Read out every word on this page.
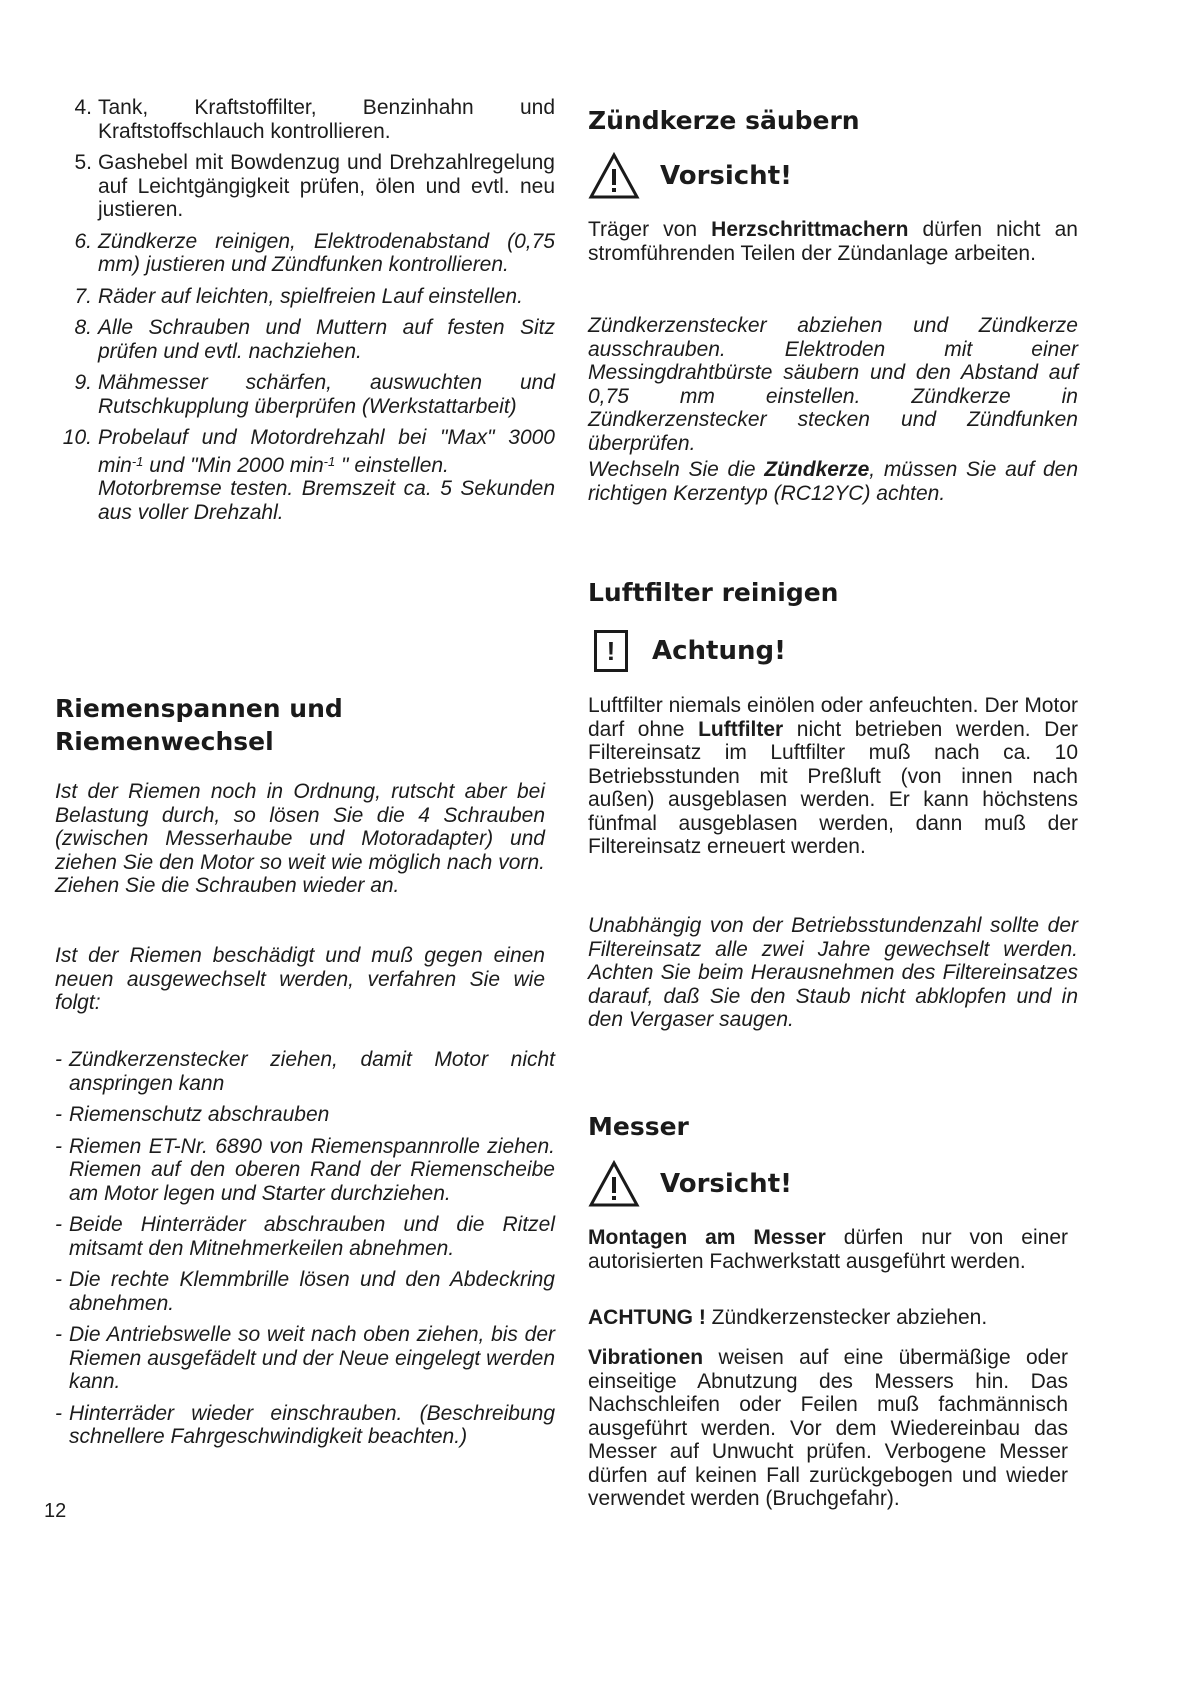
4. Tank, Kraftstoffilter, Benzinhahn und Kraftstoffschlauch kontrollieren.
5. Gashebel mit Bowdenzug und Drehzahlregelung auf Leichtgängigkeit prüfen, ölen und evtl. neu justieren.
6. Zündkerze reinigen, Elektrodenabstand (0,75 mm) justieren und Zündfunken kontrollieren.
7. Räder auf leichten, spielfreien Lauf einstellen.
8. Alle Schrauben und Muttern auf festen Sitz prüfen und evtl. nachziehen.
9. Mähmesser schärfen, auswuchten und Rutschkupplung überprüfen (Werkstattarbeit)
10. Probelauf und Motordrehzahl bei "Max" 3000 $\min^{-1}$ und "Min 2000 $\min^{-1}$ " einstellen.
Motorbremse testen. Bremszeit ca. 5 Sekunden aus voller Drehzahl.
Riemenspannen und
Riemenwechsel

Ist der Riemen noch in Ordnung, rutscht aber bei Belastung durch, so lösen Sie die 4 Schrauben (zwischen Messerhaube und Motoradapter) und ziehen Sie den Motor so weit wie möglich nach vorn. Ziehen Sie die Schrauben wieder an.

Ist der Riemen beschädigt und muß gegen einen neuen ausgewechselt werden, verfahren Sie wie folgt:

- Zündkerzenstecker ziehen, damit Motor nicht anspringen kann
- Riemenschutz abschrauben
- Riemen ET-Nr. 6890 von Riemenspannrolle ziehen. Riemen auf den oberen Rand der Riemenscheibe am Motor legen und Starter durchziehen.
- Beide Hinterräder abschrauben und die Ritzel mitsamt den Mitnehmerkeilen abnehmen.
- Die rechte Klemmbrille lösen und den Abdeckring abnehmen.
- Die Antriebswelle so weit nach oben ziehen, bis der Riemen ausgefädelt und der Neue eingelegt werden kann.
- Hinterräder wieder einschrauben. (Beschreibung schnellere Fahrgeschwindigkeit beachten.)
12
Zündkerze säubern
Vorsicht!

Träger von Herzschrittmachern dürfen nicht an stromführenden Teilen der Zündanlage arbeiten.

Zündkerzenstecker abziehen und Zündkerze ausschrauben. Elektroden mit einer Messingdrahtbürste säubern und den Abstand auf 0,75 mm einstellen. Zündkerze in Zündkerzenstecker stecken und Zündfunken überprüfen.

Wechseln Sie die Zündkerze, müssen Sie auf den richtigen Kerzentyp (RC12YC) achten.

Luftfilter reinigen
!	Achtung!

Luftfilter niemals einölen oder anfeuchten. Der Motor darf ohne Luftfilter nicht betrieben werden. Der Filtereinsatz im Luftfilter muß nach ca. 10 Betriebsstunden mit Preßluft (von innen nach außen) ausgeblasen werden. Er kann höchstens fünfmal ausgeblasen werden, dann muß der Filtereinsatz erneuert werden.

Unabhängig von der Betriebsstundenzahl sollte der Filtereinsatz alle zwei Jahre gewechselt werden. Achten Sie beim Herausnehmen des Filtereinsatzes darauf, daß Sie den Staub nicht abklopfen und in den Vergaser saugen.

Messer
Vorsicht!

Montagen am Messer dürfen nur von einer autorisierten Fachwerkstatt ausgeführt werden.

ACHTUNG ! Zündkerzenstecker abziehen.

Vibrationen weisen auf eine übermäßige oder einseitige Abnutzung des Messers hin. Das Nachschleifen oder Feilen muß fachmännisch ausgeführt werden. Vor dem Wiedereinbau das Messer auf Unwucht prüfen. Verbogene Messer dürfen auf keinen Fall zurückgebogen und wieder verwendet werden (Bruchgefahr).
